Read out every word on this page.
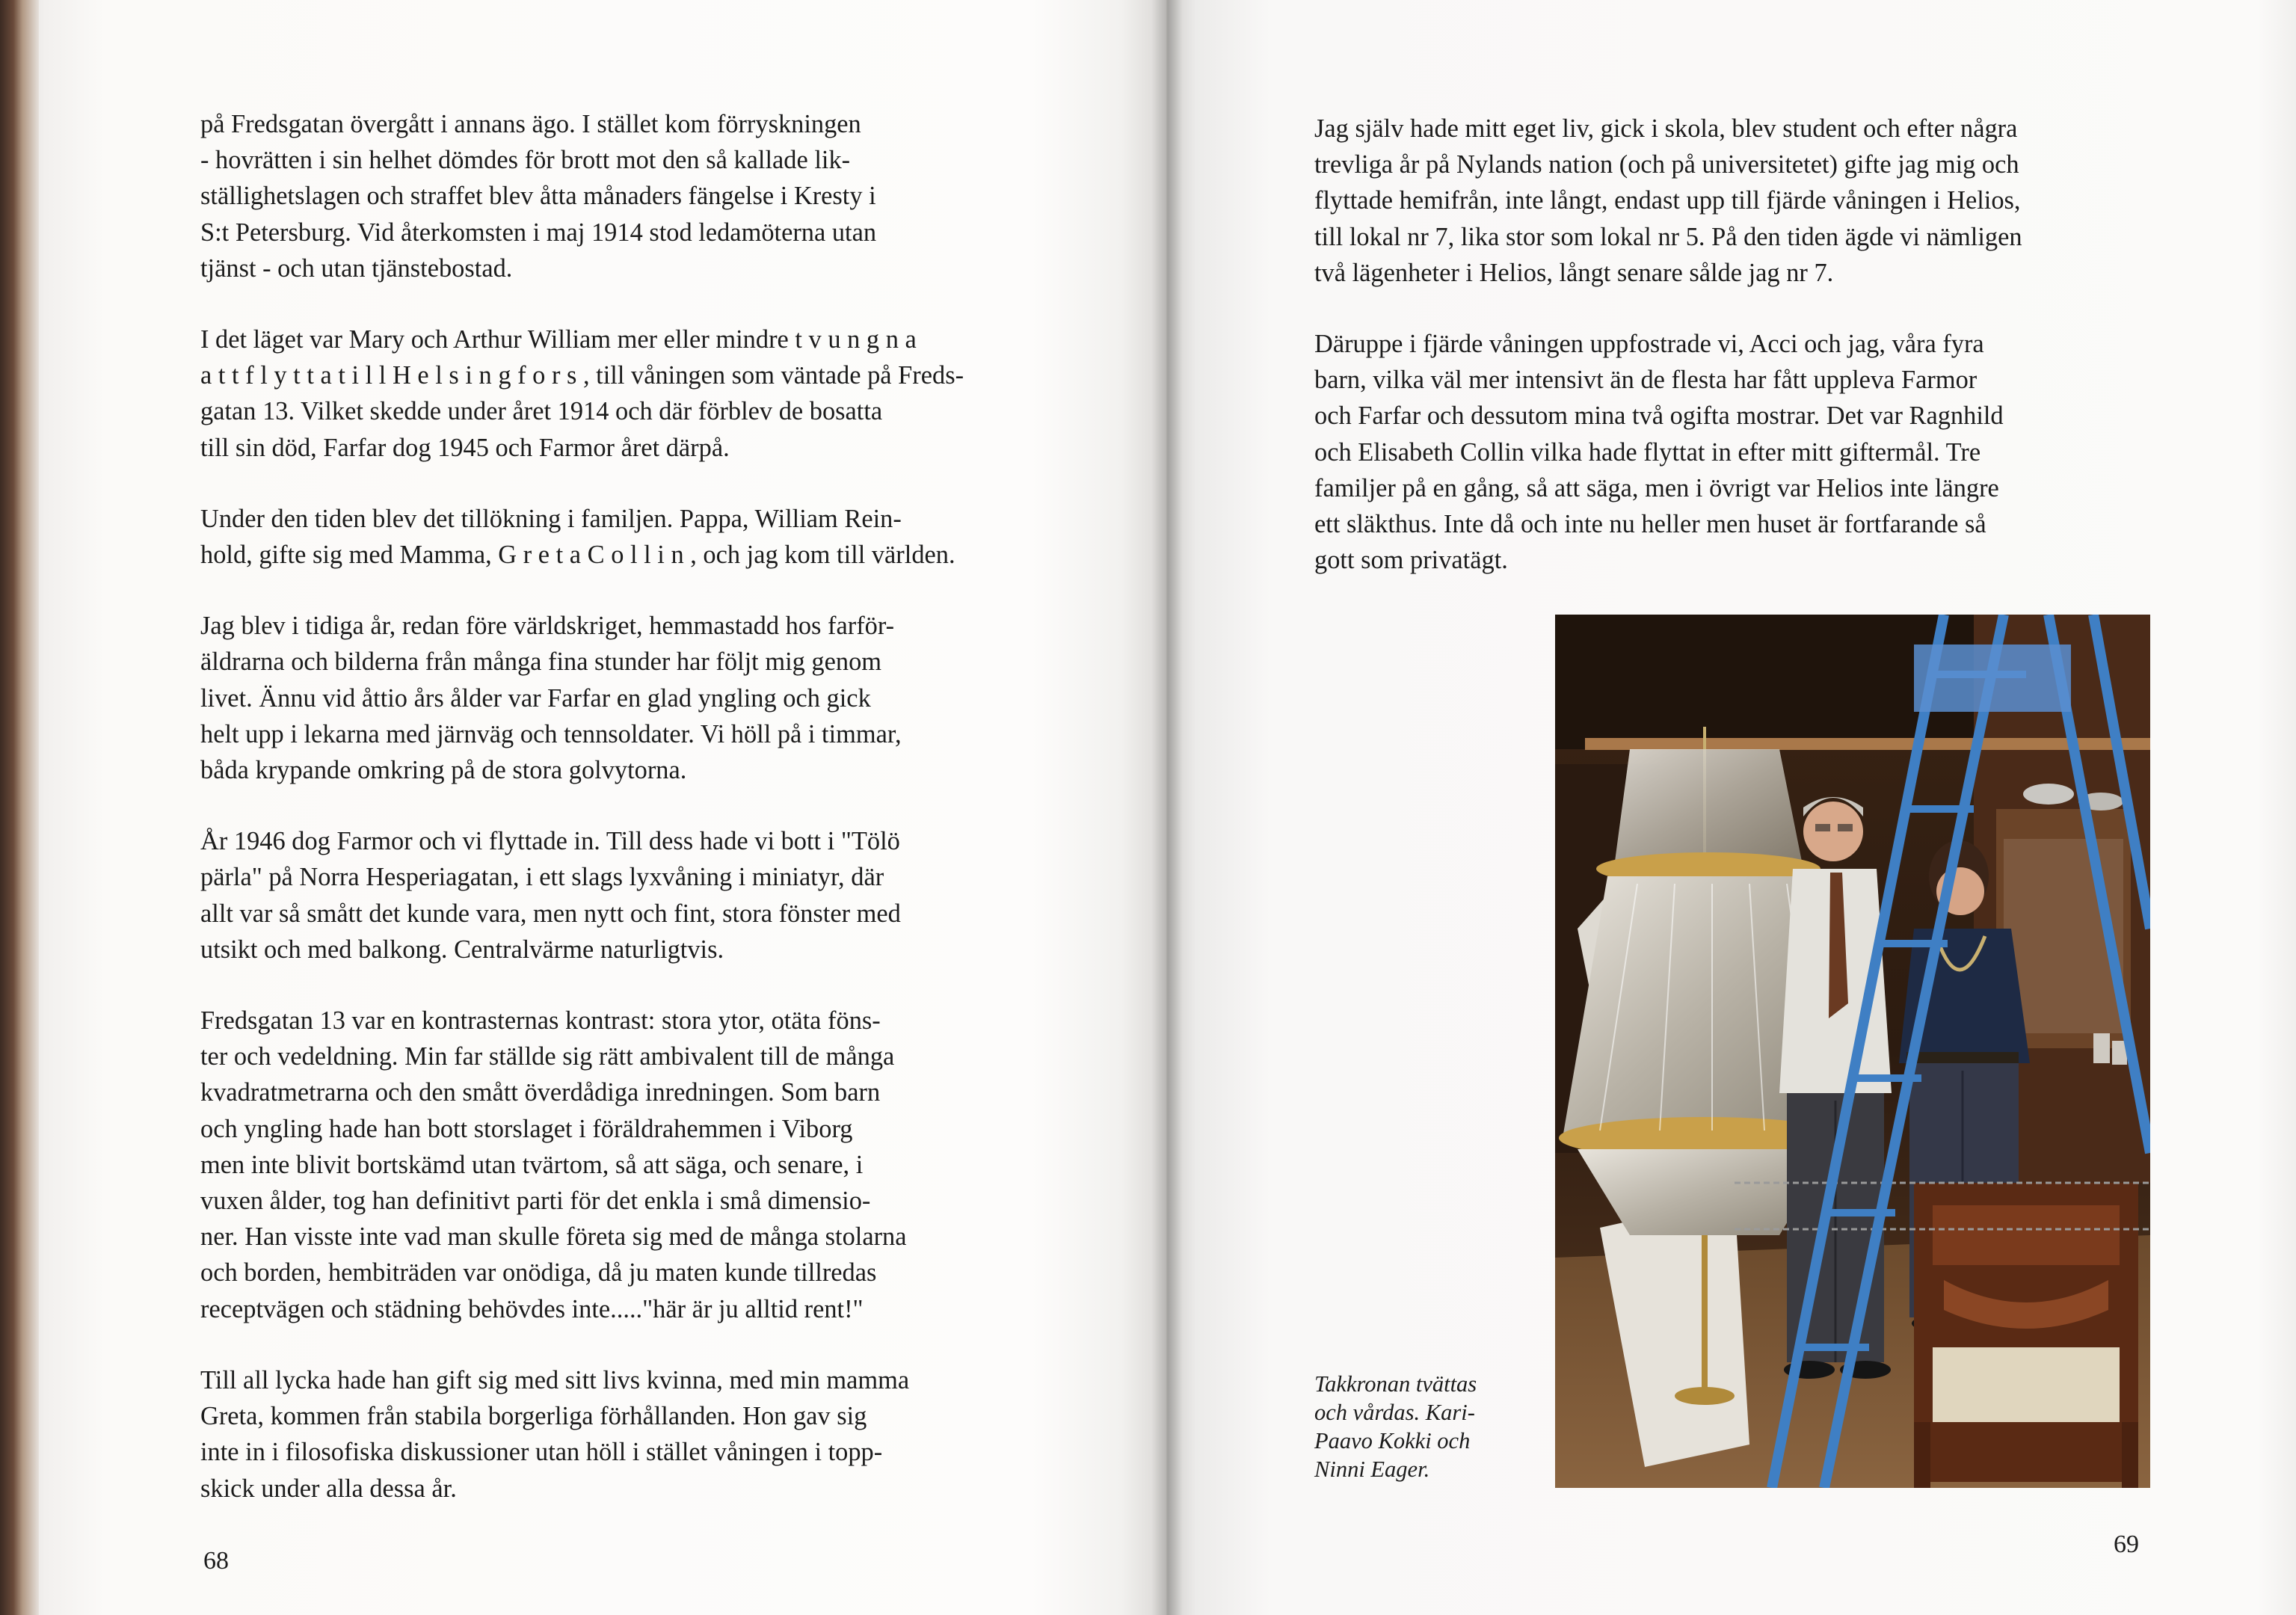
på Fredsgatan övergått i annans ägo. I stället kom förryskningen
- hovrätten i sin helhet dömdes för brott mot den så kallade lik-
ställighetslagen och straffet blev åtta månaders fängelse i Kresty i
S:t Petersburg. Vid återkomsten i maj 1914 stod ledamöterna utan
tjänst - och utan tjänstebostad.

I det läget var Mary och Arthur William mer eller mindre t v u n g n a
a t t f l y t t a t i l l H e l s i n g f o r s , till våningen som väntade på Freds-
gatan 13. Vilket skedde under året 1914 och där förblev de bosatta
till sin död, Farfar dog 1945 och Farmor året därpå.

Under den tiden blev det tillökning i familjen. Pappa, William Rein-
hold, gifte sig med Mamma, G r e t a C o l l i n , och jag kom till världen.

Jag blev i tidiga år, redan före världskriget, hemmastadd hos farför-
äldrarna och bilderna från många fina stunder har följt mig genom
livet. Ännu vid åttio års ålder var Farfar en glad yngling och gick
helt upp i lekarna med järnväg och tennsoldater. Vi höll på i timmar,
båda krypande omkring på de stora golvytorna.

År 1946 dog Farmor och vi flyttade in. Till dess hade vi bott i "Tölö
pärla" på Norra Hesperiagatan, i ett slags lyxvåning i miniatyr, där
allt var så smått det kunde vara, men nytt och fint, stora fönster med
utsikt och med balkong. Centralvärme naturligtvis.

Fredsgatan 13 var en kontrasternas kontrast: stora ytor, otäta föns-
ter och vedeldning. Min far ställde sig rätt ambivalent till de många
kvadratmetrarna och den smått överdådiga inredningen. Som barn
och yngling hade han bott storslaget i föräldrahemmen i Viborg
men inte blivit bortskämd utan tvärtom, så att säga, och senare, i
vuxen ålder, tog han definitivt parti för det enkla i små dimensio-
ner. Han visste inte vad man skulle företa sig med de många stolarna
och borden, hembiträden var onödiga, då ju maten kunde tillredas
receptvägen och städning behövdes inte....."här är ju alltid rent!"

Till all lycka hade han gift sig med sitt livs kvinna, med min mamma
Greta, kommen från stabila borgerliga förhållanden. Hon gav sig
inte in i filosofiska diskussioner utan höll i stället våningen i topp-
skick under alla dessa år.

68

Jag själv hade mitt eget liv, gick i skola, blev student och efter några
trevliga år på Nylands nation (och på universitetet) gifte jag mig och
flyttade hemifrån, inte långt, endast upp till fjärde våningen i Helios,
till lokal nr 7, lika stor som lokal nr 5. På den tiden ägde vi nämligen
två lägenheter i Helios, långt senare sålde jag nr 7.

Däruppe i fjärde våningen uppfostrade vi, Acci och jag, våra fyra
barn, vilka väl mer intensivt än de flesta har fått uppleva Farmor
och Farfar och dessutom mina två ogifta mostrar. Det var Ragnhild
och Elisabeth Collin vilka hade flyttat in efter mitt giftermål. Tre
familjer på en gång, så att säga, men i övrigt var Helios inte längre
ett släkthus. Inte då och inte nu heller men huset är fortfarande så
gott som privatägt.

Takkronan tvättas
och vårdas. Kari-
Paavo Kokki och
Ninni Eager.
69
